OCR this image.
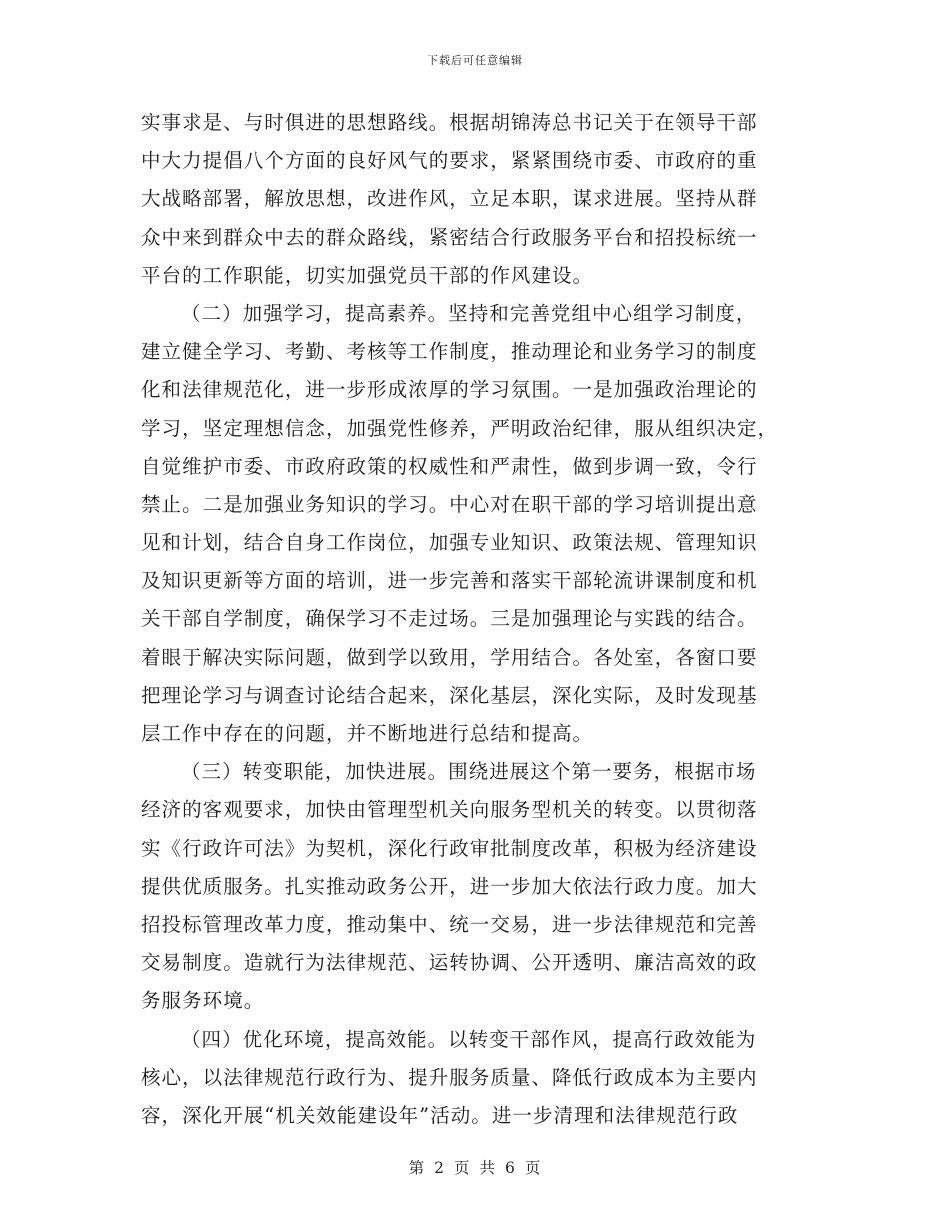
下载后可任意编辑
实事求是、与时俱进的思想路线。根据胡锦涛总书记关于在领导干部
中大力提倡八个方面的良好风气的要求，紧紧围绕市委、市政府的重
大战略部署，解放思想，改进作风，立足本职，谋求进展。坚持从群
众中来到群众中去的群众路线，紧密结合行政服务平台和招投标统一
平台的工作职能，切实加强党员干部的作风建设。
（二）加强学习，提高素养。坚持和完善党组中心组学习制度，
建立健全学习、考勤、考核等工作制度，推动理论和业务学习的制度
化和法律规范化，进一步形成浓厚的学习氛围。一是加强政治理论的
学习，坚定理想信念，加强党性修养，严明政治纪律，服从组织决定，
自觉维护市委、市政府政策的权威性和严肃性，做到步调一致，令行
禁止。二是加强业务知识的学习。中心对在职干部的学习培训提出意
见和计划，结合自身工作岗位，加强专业知识、政策法规、管理知识
及知识更新等方面的培训，进一步完善和落实干部轮流讲课制度和机
关干部自学制度，确保学习不走过场。三是加强理论与实践的结合。
着眼于解决实际问题，做到学以致用，学用结合。各处室，各窗口要
把理论学习与调查讨论结合起来，深化基层，深化实际，及时发现基
层工作中存在的问题，并不断地进行总结和提高。
（三）转变职能，加快进展。围绕进展这个第一要务，根据市场
经济的客观要求，加快由管理型机关向服务型机关的转变。以贯彻落
实《行政许可法》为契机，深化行政审批制度改革，积极为经济建设
提供优质服务。扎实推动政务公开，进一步加大依法行政力度。加大
招投标管理改革力度，推动集中、统一交易，进一步法律规范和完善
交易制度。造就行为法律规范、运转协调、公开透明、廉洁高效的政
务服务环境。
（四）优化环境，提高效能。以转变干部作风，提高行政效能为
核心，以法律规范行政行为、提升服务质量、降低行政成本为主要内
容，深化开展“机关效能建设年”活动。进一步清理和法律规范行政
第 2 页 共 6 页
